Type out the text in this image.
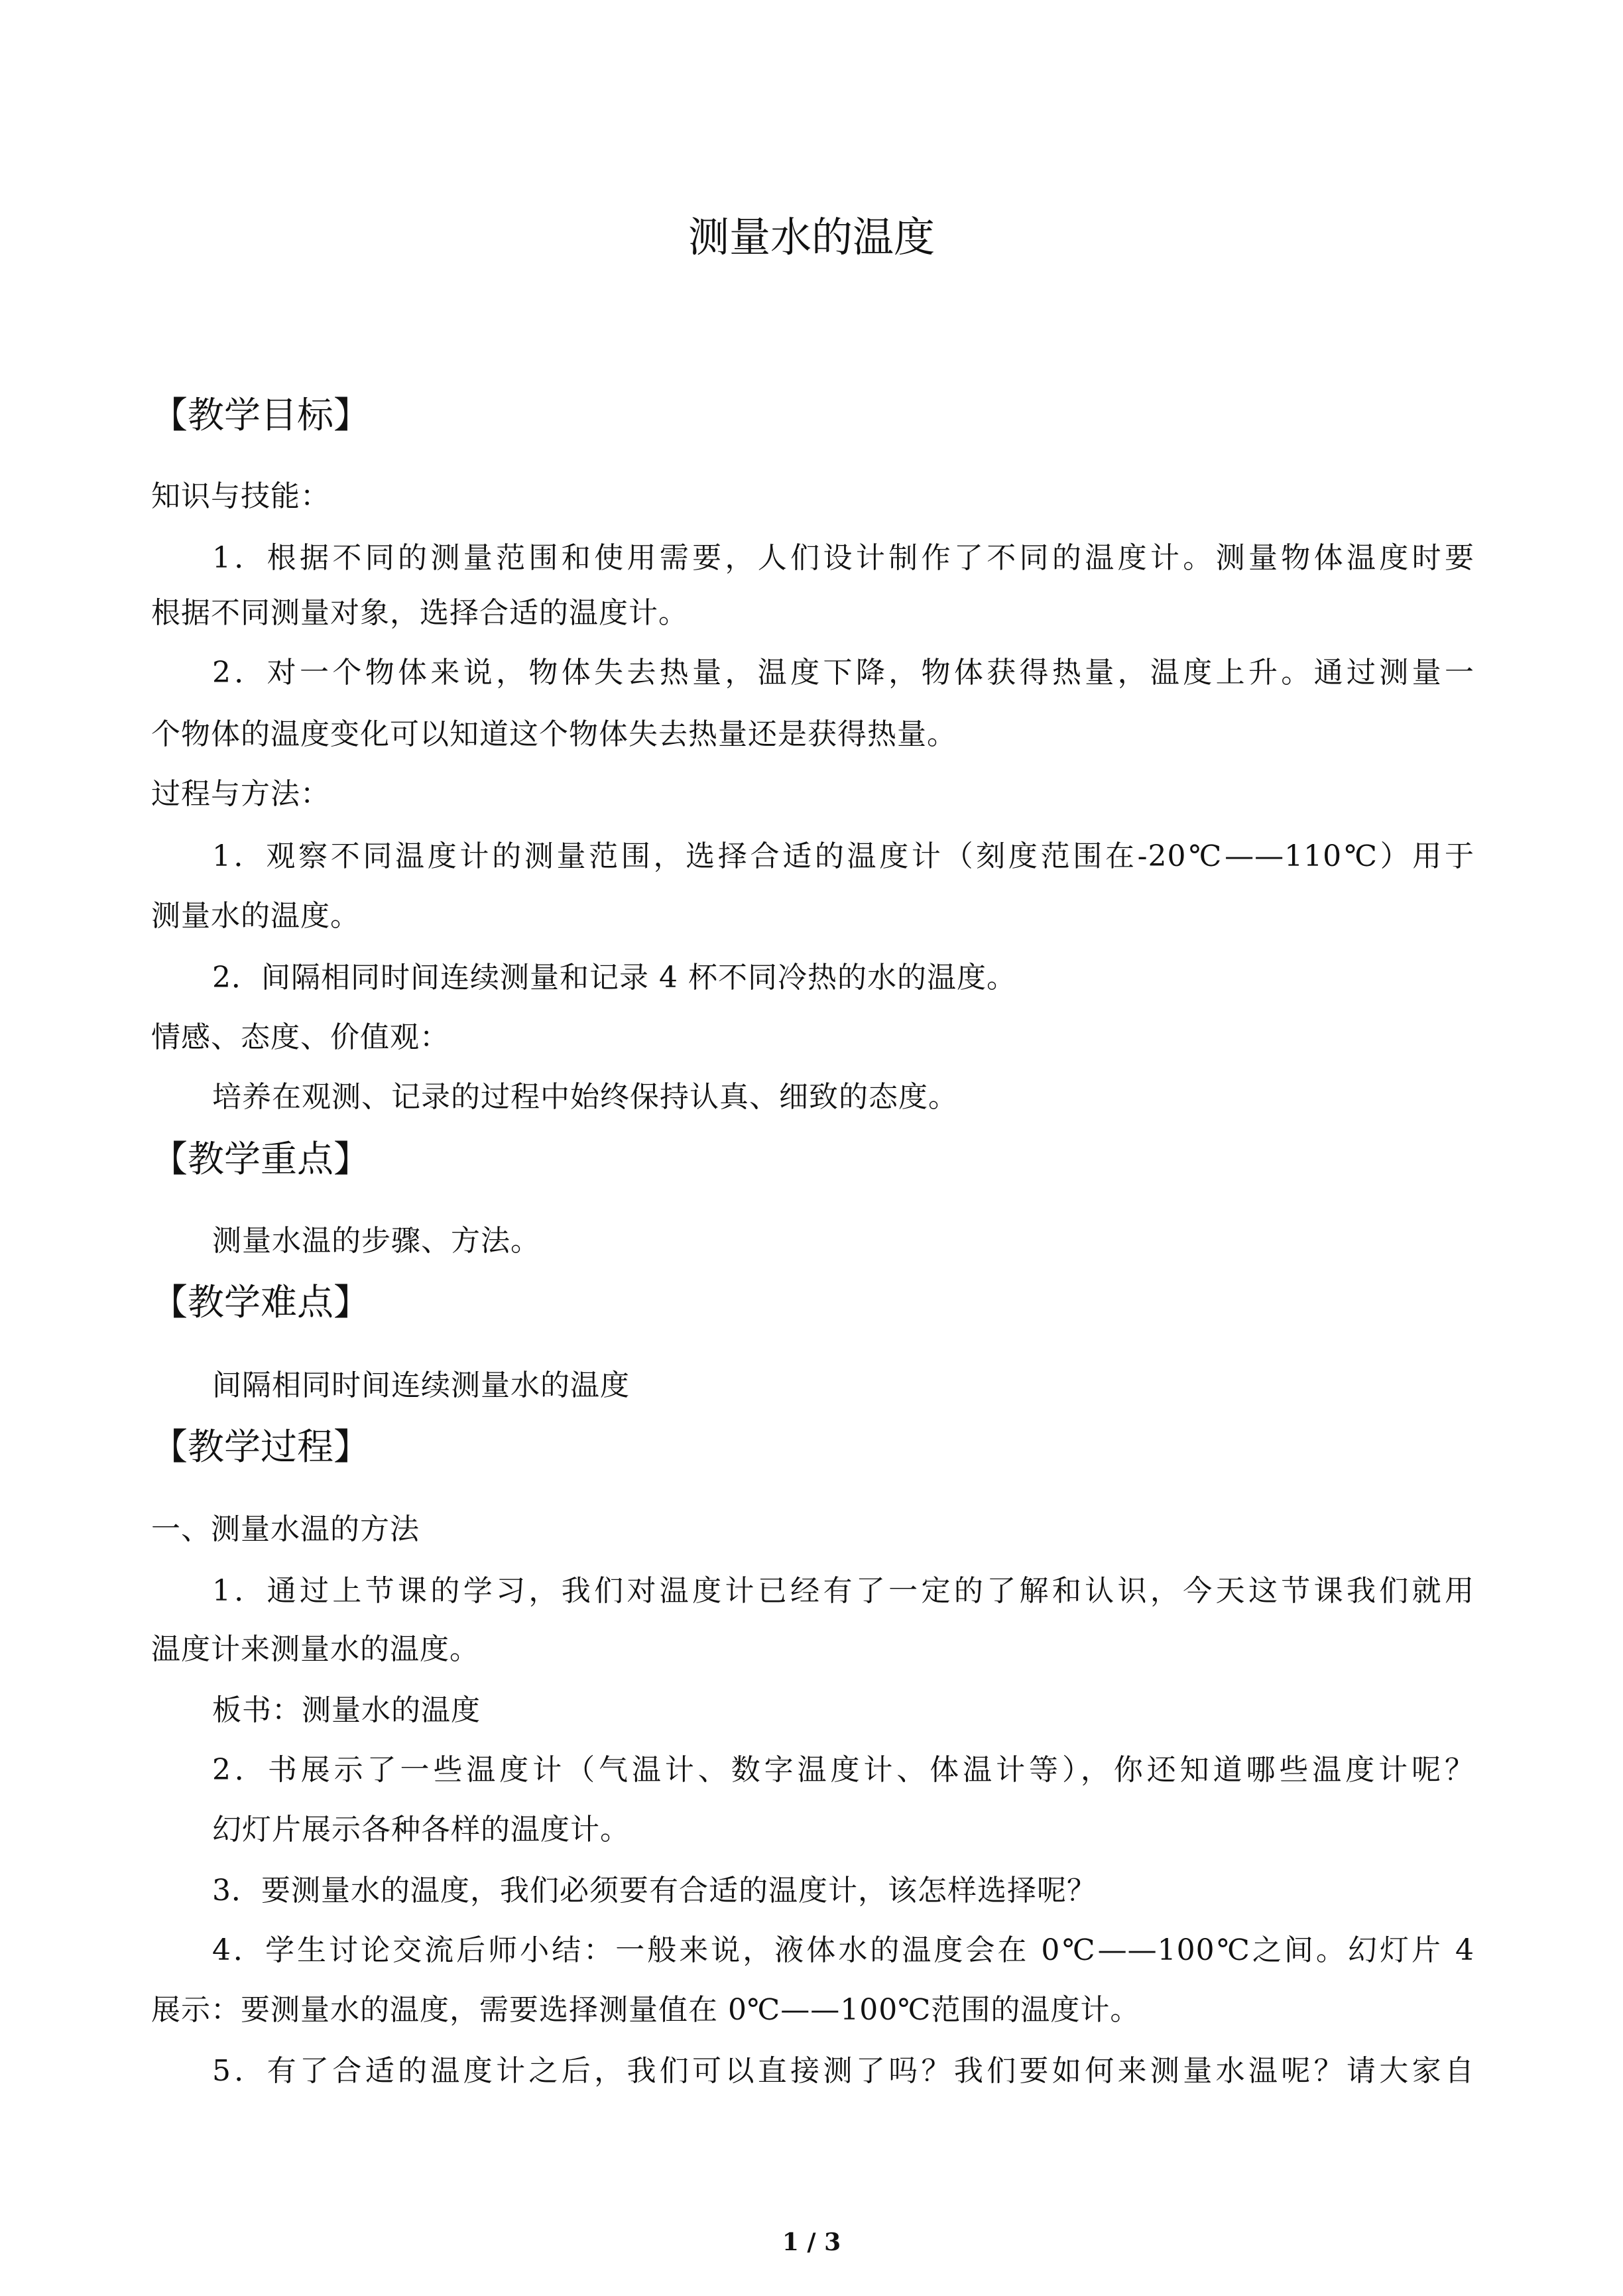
测量水的温度
【教学目标】
知识与技能：
1．根据不同的测量范围和使用需要，人们设计制作了不同的温度计。测量物体温度时要
根据不同测量对象，选择合适的温度计。
2．对一个物体来说，物体失去热量，温度下降，物体获得热量，温度上升。通过测量一
个物体的温度变化可以知道这个物体失去热量还是获得热量。
过程与方法：
1．观察不同温度计的测量范围，选择合适的温度计（刻度范围在-20℃——110℃）用于
测量水的温度。
2．间隔相同时间连续测量和记录 4 杯不同冷热的水的温度。
情感、态度、价值观：
培养在观测、记录的过程中始终保持认真、细致的态度。
【教学重点】
测量水温的步骤、方法。
【教学难点】
间隔相同时间连续测量水的温度
【教学过程】
一、测量水温的方法
1．通过上节课的学习，我们对温度计已经有了一定的了解和认识，今天这节课我们就用
温度计来测量水的温度。
板书：测量水的温度
2．书展示了一些温度计（气温计、数字温度计、体温计等），你还知道哪些温度计呢？
幻灯片展示各种各样的温度计。
3．要测量水的温度，我们必须要有合适的温度计，该怎样选择呢？
4．学生讨论交流后师小结：一般来说，液体水的温度会在 0℃——100℃之间。幻灯片 4
展示：要测量水的温度，需要选择测量值在 0℃——100℃范围的温度计。
5．有了合适的温度计之后，我们可以直接测了吗？我们要如何来测量水温呢？请大家自
1 / 3
